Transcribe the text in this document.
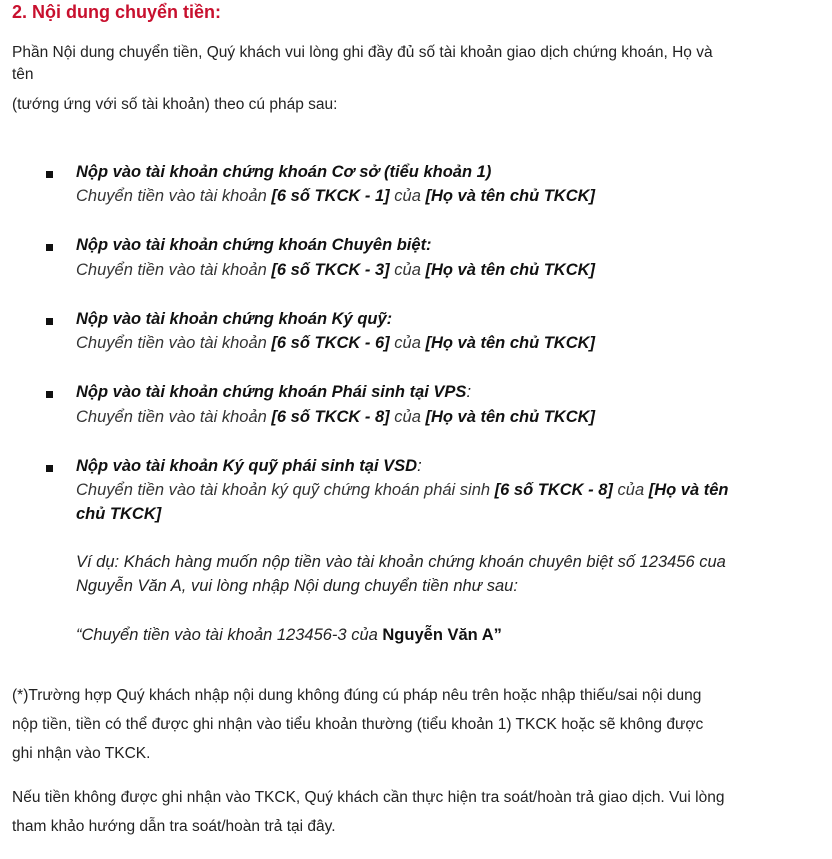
2. Nội dung chuyển tiền:
Phần Nội dung chuyển tiền, Quý khách vui lòng ghi đầy đủ số tài khoản giao dịch chứng khoán, Họ và
tên
(tướng ứng với số tài khoản) theo cú pháp sau:
Nộp vào tài khoản chứng khoán Cơ sở (tiểu khoản 1)
Chuyển tiền vào tài khoản [6 số TKCK - 1] của [Họ và tên chủ TKCK]
Nộp vào tài khoản chứng khoán Chuyên biệt:
Chuyển tiền vào tài khoản [6 số TKCK - 3] của [Họ và tên chủ TKCK]
Nộp vào tài khoản chứng khoán Ký quỹ:
Chuyển tiền vào tài khoản [6 số TKCK - 6] của [Họ và tên chủ TKCK]
Nộp vào tài khoản chứng khoán Phái sinh tại VPS:
Chuyển tiền vào tài khoản [6 số TKCK - 8] của [Họ và tên chủ TKCK]
Nộp vào tài khoản Ký quỹ phái sinh tại VSD:
Chuyển tiền vào tài khoản ký quỹ chứng khoán phái sinh [6 số TKCK - 8] của [Họ và tên
chủ TKCK]
Ví dụ: Khách hàng muốn nộp tiền vào tài khoản chứng khoán chuyên biệt số 123456 cua
Nguyễn Văn A, vui lòng nhập Nội dung chuyển tiền như sau:
“Chuyển tiền vào tài khoản 123456-3 của Nguyễn Văn A”
(*)Trường hợp Quý khách nhập nội dung không đúng cú pháp nêu trên hoặc nhập thiếu/sai nội dung
nộp tiền, tiền có thể được ghi nhận vào tiểu khoản thường (tiểu khoản 1) TKCK hoặc sẽ không được
ghi nhận vào TKCK.
Nếu tiền không được ghi nhận vào TKCK, Quý khách cần thực hiện tra soát/hoàn trả giao dịch. Vui lòng
tham khảo hướng dẫn tra soát/hoàn trả tại đây.
